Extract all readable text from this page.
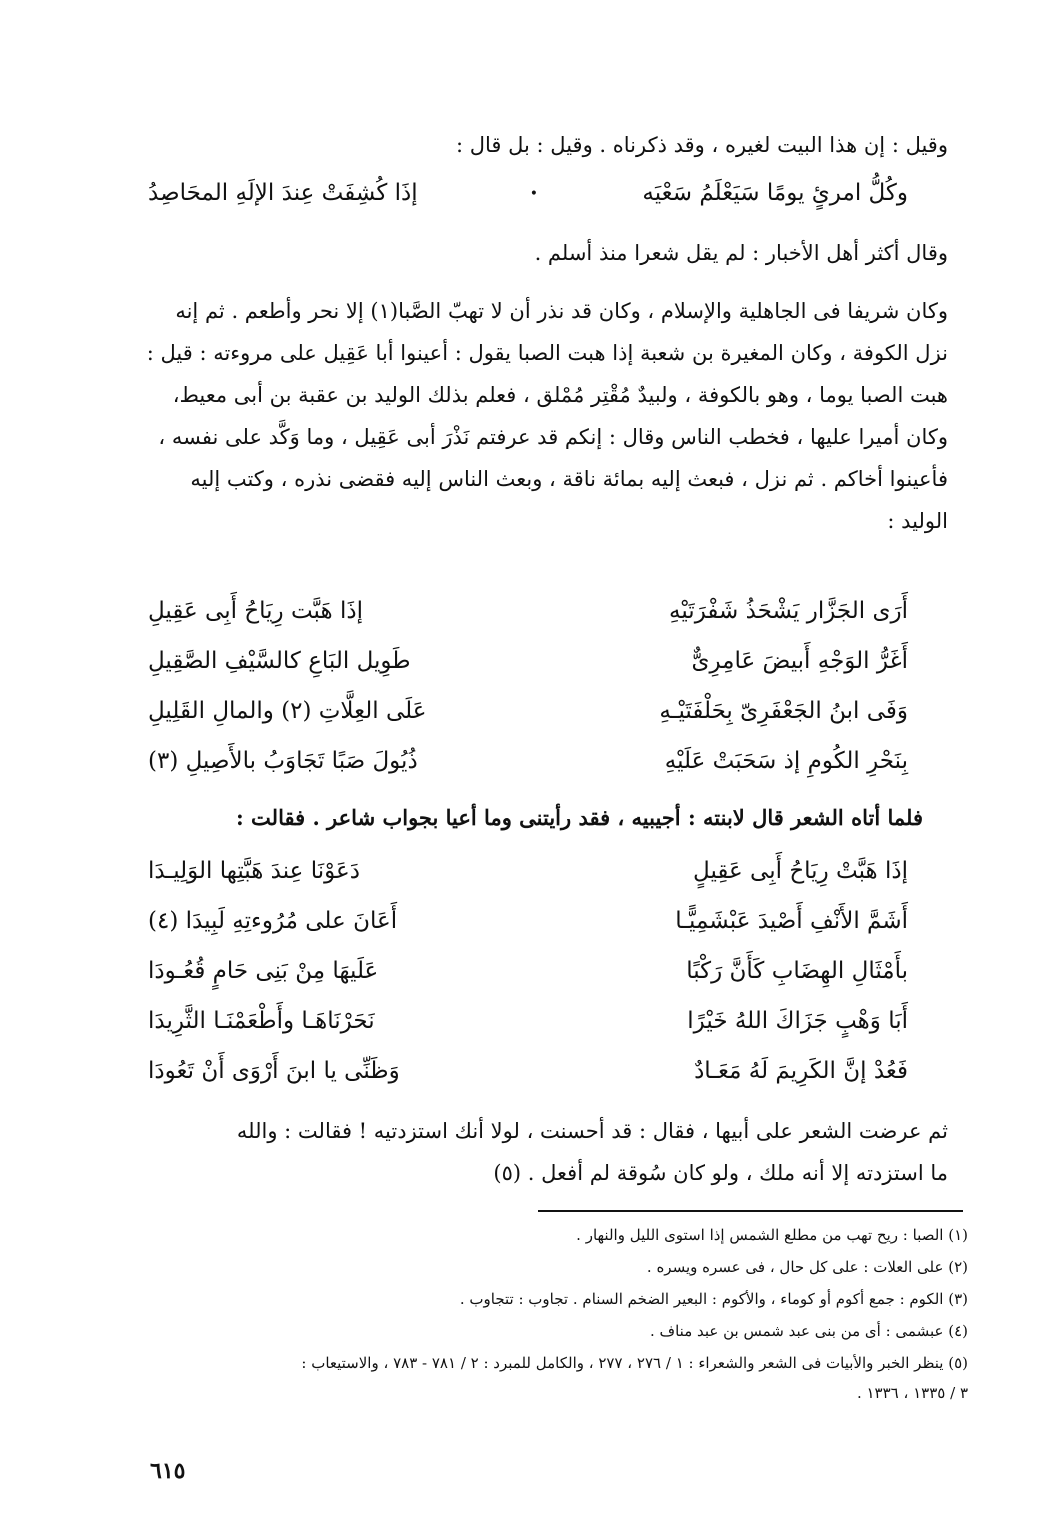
وقيل : إن هذا البيت لغيره ، وقد ذكرناه . وقيل : بل قال :
وكُلُّ امرئٍ يومًا سَيَعْلَمُ سَعْيَه
•
إذَا كُشِفَتْ عِندَ الإلَهِ المحَاصِدُ
وقال أكثر أهل الأخبار : لم يقل شعرا منذ أسلم .
وكان شريفا فى الجاهلية والإسلام ، وكان قد نذر أن لا تهبّ الصَّبا(١) إلا نحر وأطعم . ثم إنه
نزل الكوفة ، وكان المغيرة بن شعبة إذا هبت الصبا يقول : أعينوا أبا عَقِيل على مروءته : قيل :
هبت الصبا يوما ، وهو بالكوفة ، ولبيدٌ مُقْتِر مُمْلق ، فعلم بذلك الوليد بن عقبة بن أبى معيط،
وكان أميرا عليها ، فخطب الناس وقال : إنكم قد عرفتم نَذْرَ أبى عَقِيل ، وما وَكَّد على نفسه ،
فأعينوا أخاكم . ثم نزل ، فبعث إليه بمائة ناقة ، وبعث الناس إليه فقضى نذره ، وكتب إليه
الوليد :
أَرَى الجَزَّار يَشْحَذُ شَفْرَتَيْهِ
إذَا هَبَّت رِيَاحُ أَبِى عَقِيلِ
أَغَرُّ الوَجْهِ أَبيضَ عَامِرِىٌّ
طَوِيل البَاعِ كالسَّيْفِ الصَّقِيلِ
وَفَى ابنُ الجَعْفَرِىّ بِحَلْفَتَيْـهِ
عَلَى العِلَّاتِ (٢) والمالِ القَلِيلِ
بِنَحْرِ الكُومِ إذ سَحَبَتْ عَلَيْهِ
ذُيُولَ صَبًا تَجَاوَبُ بالأَصِيلِ (٣)
فلما أتاه الشعر قال لابنته : أجيبيه ، فقد رأيتنى وما أعيا بجواب شاعر . فقالت :
إذَا هَبَّتْ رِيَاحُ أَبِى عَقِيلٍ
دَعَوْنَا عِندَ هَبَّتِها الوَلِيـدَا
أَشَمَّ الأَنْفِ أَصْيدَ عَبْشَمِيًّـا
أَعَانَ على مُرُوءتِهِ لَبِيدَا (٤)
بأَمْثَالِ الهِضَابِ كَأَنَّ رَكْبًا
عَلَيهَا مِنْ بَنِى حَامٍ قُعُـودَا
أَبَا وَهْبٍ جَزَاكَ اللهُ خَيْرًا
نَحَرْنَاهَـا وأَطْعَمْنَـا الثَّرِيدَا
فَعُدْ إنَّ الكَرِيمَ لَهُ مَعَـادٌ
وَظَنِّى يا ابنَ أَرْوَى أَنْ تَعُودَا
ثم عرضت الشعر على أبيها ، فقال : قد أحسنت ، لولا أنك استزدتيه ! فقالت : والله
ما استزدته إلا أنه ملك ، ولو كان سُوقة لم أفعل . (٥)
(١) الصبا : ريح تهب من مطلع الشمس إذا استوى الليل والنهار .
(٢) على العلات : على كل حال ، فى عسره ويسره .
(٣) الكوم : جمع أكوم أو كوماء ، والأكوم : البعير الضخم السنام . تجاوب : تتجاوب .
(٤) عبشمى : أى من بنى عبد شمس بن عبد مناف .
(٥) ينظر الخبر والأبيات فى الشعر والشعراء : ١ / ٢٧٦ ، ٢٧٧ ، والكامل للمبرد : ٢ / ٧٨١ - ٧٨٣ ، والاستيعاب :
٣ / ١٣٣٥ ، ١٣٣٦ .
٦١٥
